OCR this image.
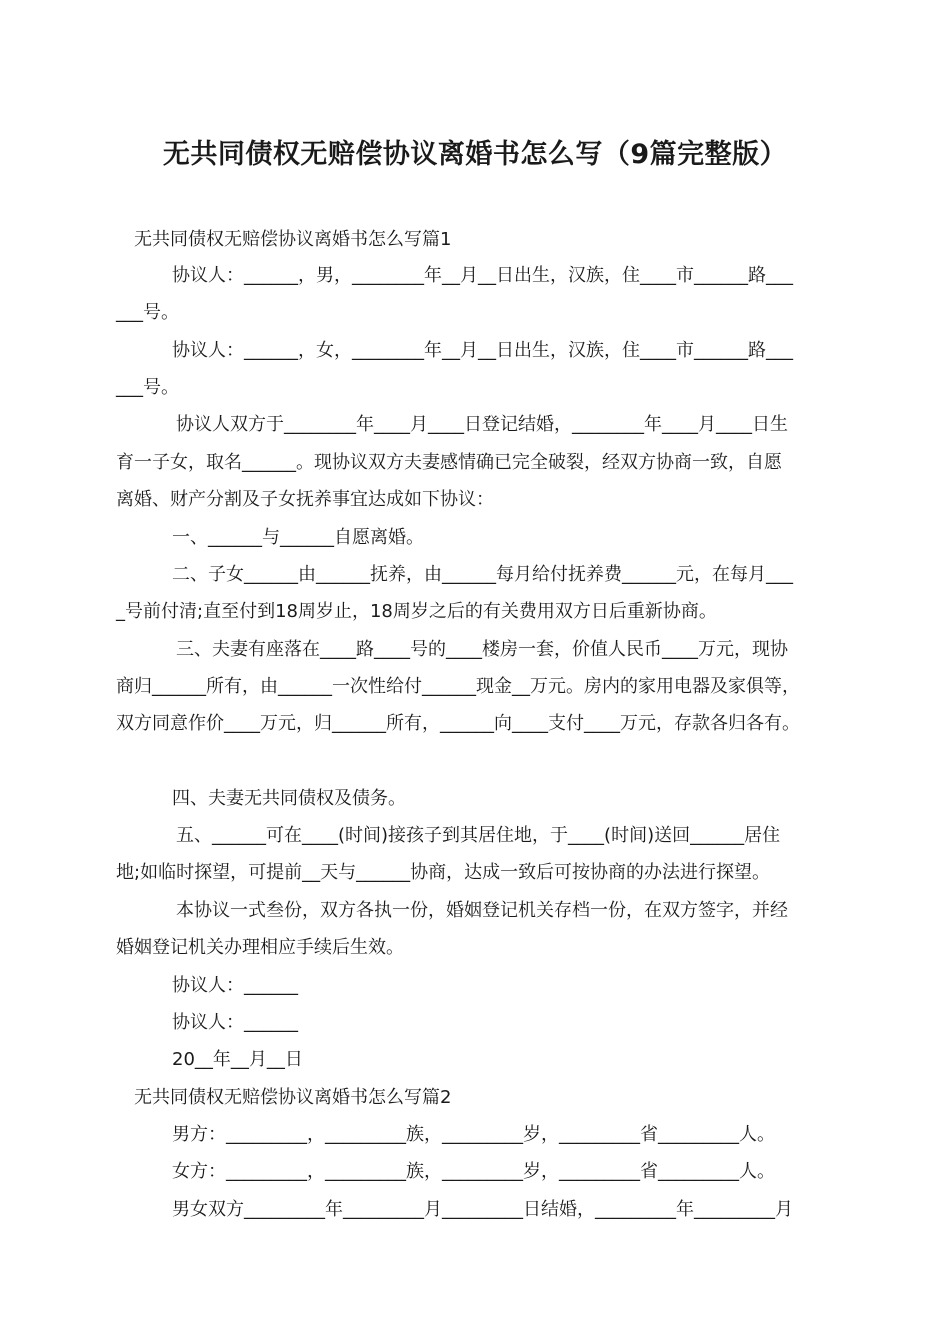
无共同债权无赔偿协议离婚书怎么写（9篇完整版）
无共同债权无赔偿协议离婚书怎么写篇1
协议人：______，男，________年__月__日出生，汉族，住____市______路___
___号。
协议人：______，女，________年__月__日出生，汉族，住____市______路___
___号。
协议人双方于________年____月____日登记结婚，________年____月____日生
育一子女，取名______。现协议双方夫妻感情确已完全破裂，经双方协商一致，自愿
离婚、财产分割及子女抚养事宜达成如下协议：
一、______与______自愿离婚。
二、子女______由______抚养，由______每月给付抚养费______元，在每月___
_号前付清;直至付到18周岁止，18周岁之后的有关费用双方日后重新协商。
三、夫妻有座落在____路____号的____楼房一套，价值人民币____万元，现协
商归______所有，由______一次性给付______现金__万元。房内的家用电器及家俱等，
双方同意作价____万元，归______所有，______向____支付____万元，存款各归各有。
四、夫妻无共同债权及债务。
五、______可在____(时间)接孩子到其居住地，于____(时间)送回______居住
地;如临时探望，可提前__天与______协商，达成一致后可按协商的办法进行探望。
本协议一式叁份，双方各执一份，婚姻登记机关存档一份，在双方签字，并经
婚姻登记机关办理相应手续后生效。
协议人：______
协议人：______
20__年__月__日
无共同债权无赔偿协议离婚书怎么写篇2
男方：_________，_________族，_________岁，_________省_________人。
女方：_________，_________族，_________岁，_________省_________人。
男女双方_________年_________月_________日结婚，_________年_________月
